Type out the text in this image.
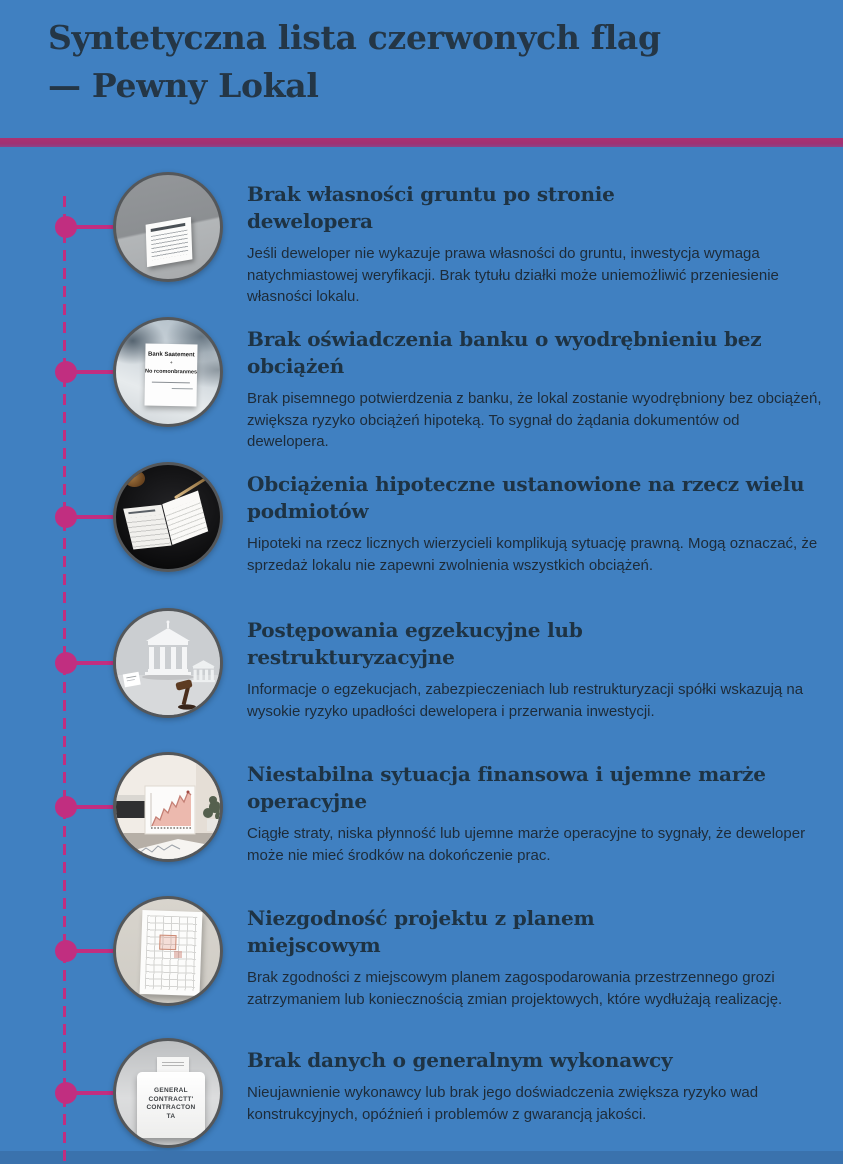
Syntetyczna lista czerwonych flag
— Pewny Lokal
Brak własności gruntu po stronie
dewelopera
Jeśli deweloper nie wykazuje prawa własności do gruntu, inwestycja wymaga natychmiastowej weryfikacji. Brak tytułu działki może uniemożliwić przeniesienie własności lokalu.
Bank Saatement
+
No rcomonbranmes
Brak oświadczenia banku o wyodrębnieniu bez
obciążeń
Brak pisemnego potwierdzenia z banku, że lokal zostanie wyodrębniony bez obciążeń, zwiększa ryzyko obciążeń hipoteką. To sygnał do żądania dokumentów od dewelopera.
Obciążenia hipoteczne ustanowione na rzecz wielu
podmiotów
Hipoteki na rzecz licznych wierzycieli komplikują sytuację prawną. Mogą oznaczać, że sprzedaż lokalu nie zapewni zwolnienia wszystkich obciążeń.
Postępowania egzekucyjne lub
restrukturyzacyjne
Informacje o egzekucjach, zabezpieczeniach lub restrukturyzacji spółki wskazują na wysokie ryzyko upadłości dewelopera i przerwania inwestycji.
Niestabilna sytuacja finansowa i ujemne marże
operacyjne
Ciągłe straty, niska płynność lub ujemne marże operacyjne to sygnały, że deweloper może nie mieć środków na dokończenie prac.
Niezgodność projektu z planem
miejscowym
Brak zgodności z miejscowym planem zagospodarowania przestrzennego grozi zatrzymaniem lub koniecznością zmian projektowych, które wydłużają realizację.
GENERAL
CONTRACTT'
CONTRACTON
TA
Brak danych o generalnym wykonawcy
Nieujawnienie wykonawcy lub brak jego doświadczenia zwiększa ryzyko wad konstrukcyjnych, opóźnień i problemów z gwarancją jakości.
